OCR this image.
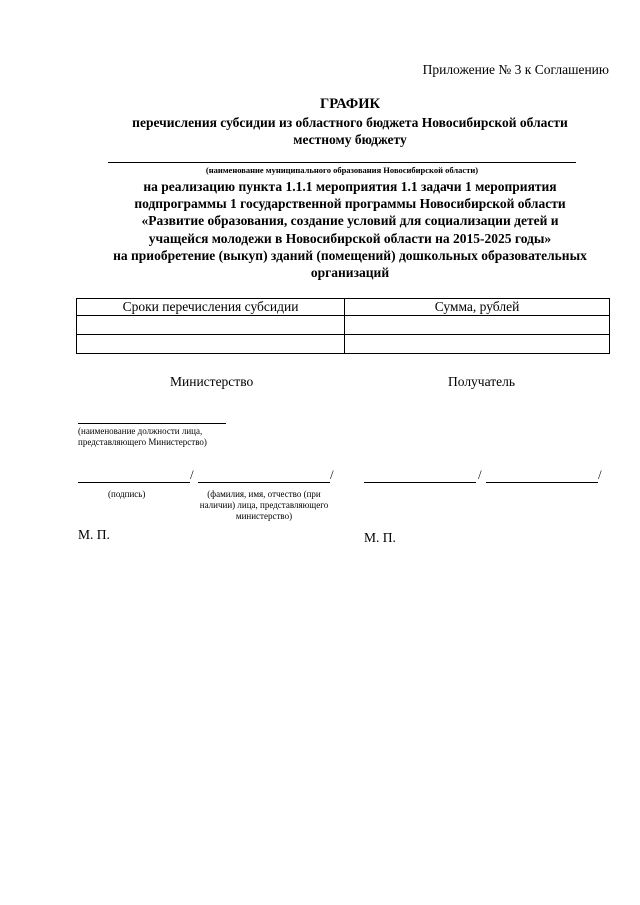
Приложение № 3 к Соглашению
ГРАФИК
перечисления субсидии из областного бюджета Новосибирской области
местному бюджету
(наименование муниципального образования Новосибирской области)
на реализацию пункта 1.1.1 мероприятия 1.1 задачи 1 мероприятия
подпрограммы 1 государственной программы Новосибирской области
«Развитие образования, создание условий для социализации детей и
учащейся молодежи в Новосибирской области на 2015-2025 годы»
на приобретение (выкуп) зданий (помещений) дошкольных образовательных
организаций
Сроки перечисления субсидии	Сумма, рублей

Министерство	Получатель
(наименование должности лица,
представляющего Министерство)
/	/
(подпись)	(фамилия, имя, отчество (при
наличии) лица, представляющего
министерство)
М. П.
/	/
М. П.
